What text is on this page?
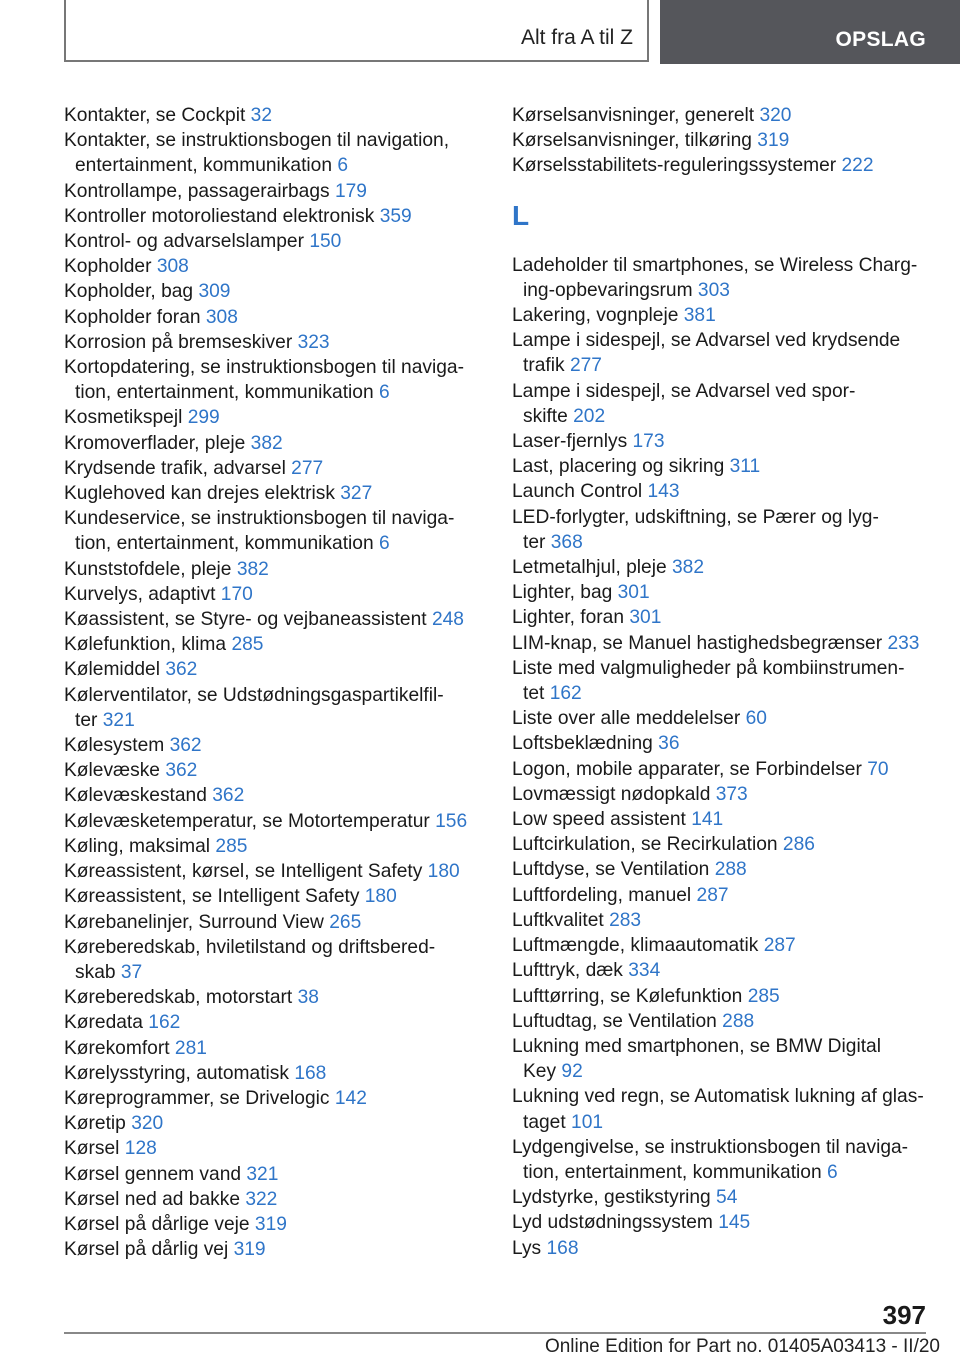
Alt fra A til Z	OPSLAG
Kontakter, se Cockpit 32
Kontakter, se instruktionsbogen til navigation,
entertainment, kommunikation 6
Kontrollampe, passagerairbags 179
Kontroller motoroliestand elektronisk 359
Kontrol- og advarselslamper 150
Kopholder 308
Kopholder, bag 309
Kopholder foran 308
Korrosion på bremseskiver 323
Kortopdatering, se instruktionsbogen til naviga-
tion, entertainment, kommunikation 6
Kosmetikspejl 299
Kromoverflader, pleje 382
Krydsende trafik, advarsel 277
Kuglehoved kan drejes elektrisk 327
Kundeservice, se instruktionsbogen til naviga-
tion, entertainment, kommunikation 6
Kunststofdele, pleje 382
Kurvelys, adaptivt 170
Køassistent, se Styre- og vejbaneassistent 248
Kølefunktion, klima 285
Kølemiddel 362
Kølerventilator, se Udstødningsgaspartikelfil-
ter 321
Kølesystem 362
Kølevæske 362
Kølevæskestand 362
Kølevæsketemperatur, se Motortemperatur 156
Køling, maksimal 285
Køreassistent, kørsel, se Intelligent Safety 180
Køreassistent, se Intelligent Safety 180
Kørebanelinjer, Surround View 265
Køreberedskab, hviletilstand og driftsbered-
skab 37
Køreberedskab, motorstart 38
Køredata 162
Kørekomfort 281
Kørelysstyring, automatisk 168
Køreprogrammer, se Drivelogic 142
Køretip 320
Kørsel 128
Kørsel gennem vand 321
Kørsel ned ad bakke 322
Kørsel på dårlige veje 319
Kørsel på dårlig vej 319
Kørselsanvisninger, generelt 320
Kørselsanvisninger, tilkøring 319
Kørselsstabilitets-reguleringssystemer 222
L
Ladeholder til smartphones, se Wireless Charg-
ing-opbevaringsrum 303
Lakering, vognpleje 381
Lampe i sidespejl, se Advarsel ved krydsende
trafik 277
Lampe i sidespejl, se Advarsel ved spor-
skifte 202
Laser-fjernlys 173
Last, placering og sikring 311
Launch Control 143
LED-forlygter, udskiftning, se Pærer og lyg-
ter 368
Letmetalhjul, pleje 382
Lighter, bag 301
Lighter, foran 301
LIM-knap, se Manuel hastighedsbegrænser 233
Liste med valgmuligheder på kombiinstrumen-
tet 162
Liste over alle meddelelser 60
Loftsbeklædning 36
Logon, mobile apparater, se Forbindelser 70
Lovmæssigt nødopkald 373
Low speed assistent 141
Luftcirkulation, se Recirkulation 286
Luftdyse, se Ventilation 288
Luftfordeling, manuel 287
Luftkvalitet 283
Luftmængde, klimaautomatik 287
Lufttryk, dæk 334
Lufttørring, se Kølefunktion 285
Luftudtag, se Ventilation 288
Lukning med smartphonen, se BMW Digital
Key 92
Lukning ved regn, se Automatisk lukning af glas-
taget 101
Lydgengivelse, se instruktionsbogen til naviga-
tion, entertainment, kommunikation 6
Lydstyrke, gestikstyring 54
Lyd udstødningssystem 145
Lys 168
397
Online Edition for Part no. 01405A03413 - II/20
